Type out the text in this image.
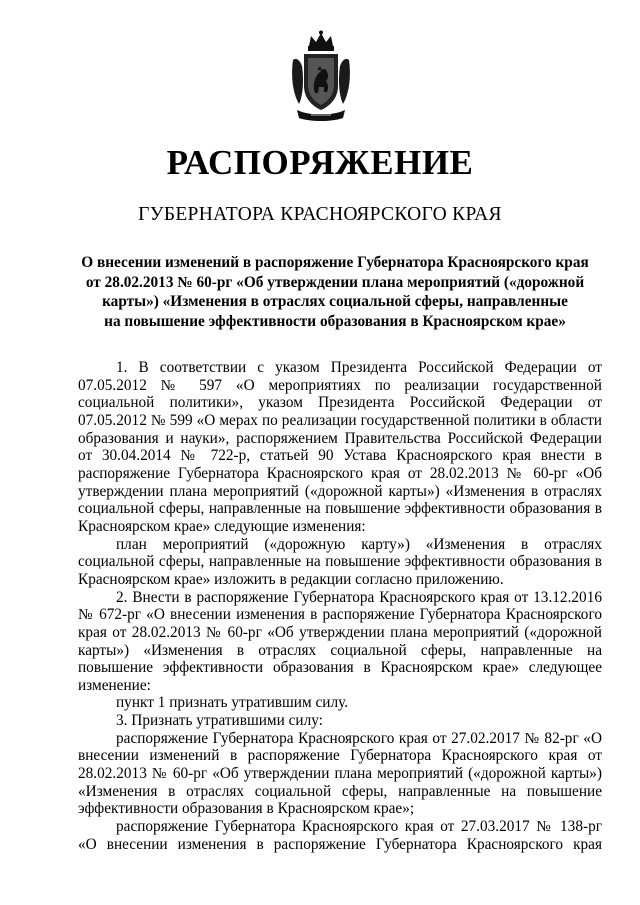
РАСПОРЯЖЕНИЕ
ГУБЕРНАТОРА КРАСНОЯРСКОГО КРАЯ
О внесении изменений в распоряжение Губернатора Красноярского края
от 28.02.2013 № 60-рг «Об утверждении плана мероприятий («дорожной
карты») «Изменения в отраслях социальной сферы, направленные
на повышение эффективности образования в Красноярском крае»

1. В соответствии с указом Президента Российской Федерации от 07.05.2012 № 597 «О мероприятиях по реализации государственной социальной политики», указом Президента Российской Федерации от 07.05.2012 № 599 «О мерах по реализации государственной политики в области образования и науки», распоряжением Правительства Российской Федерации от 30.04.2014 № 722-р, статьей 90 Устава Красноярского края внести в распоряжение Губернатора Красноярского края от 28.02.2013 № 60-рг «Об утверждении плана мероприятий («дорожной карты») «Изменения в отраслях социальной сферы, направленные на повышение эффективности образования в Красноярском крае» следующие изменения:

план мероприятий («дорожную карту») «Изменения в отраслях социальной сферы, направленные на повышение эффективности образования в Красноярском крае» изложить в редакции согласно приложению.

2. Внести в распоряжение Губернатора Красноярского края от 13.12.2016 № 672-рг «О внесении изменения в распоряжение Губернатора Красноярского края от 28.02.2013 № 60-рг «Об утверждении плана мероприятий («дорожной карты») «Изменения в отраслях социальной сферы, направленные на повышение эффективности образования в Красноярском крае» следующее изменение:

пункт 1 признать утратившим силу.

3. Признать утратившими силу:

распоряжение Губернатора Красноярского края от 27.02.2017 № 82-рг «О внесении изменений в распоряжение Губернатора Красноярского края от 28.02.2013 № 60-рг «Об утверждении плана мероприятий («дорожной карты») «Изменения в отраслях социальной сферы, направленные на повышение эффективности образования в Красноярском крае»;

распоряжение Губернатора Красноярского края от 27.03.2017 № 138-рг «О внесении изменения в распоряжение Губернатора Красноярского края
